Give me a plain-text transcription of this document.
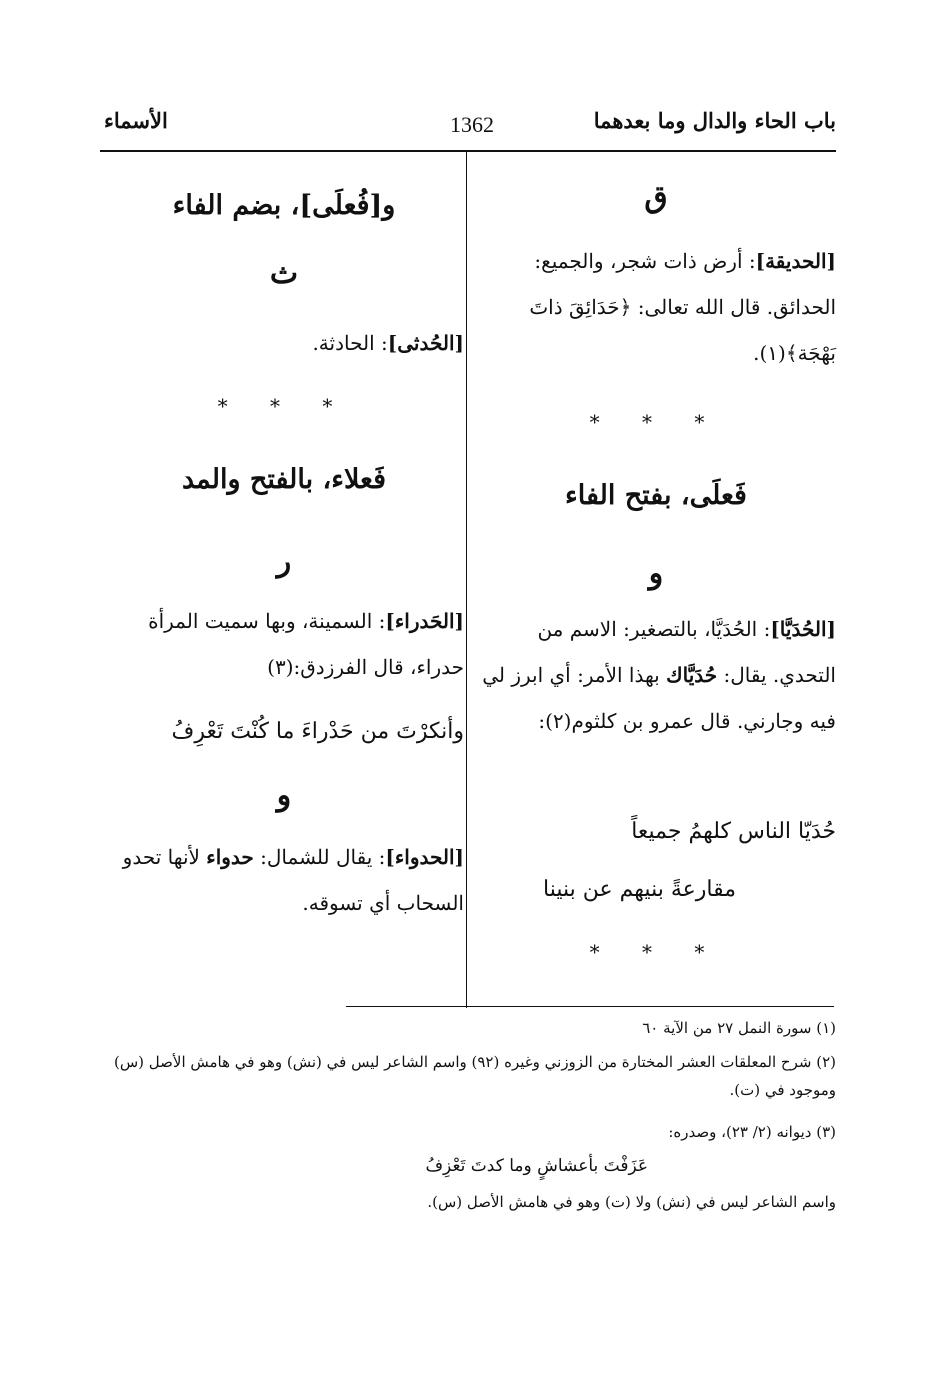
باب الحاء والدال وما بعدهما
1362
الأسماء
ق
[الحديقة]: أرض ذات شجر، والجميع: الحدائق. قال الله تعالى: ﴿حَدَائِقَ ذاتَ بَهْجَة﴾(١).
* * *
فَعلَى، بفتح الفاء
و
[الحُدَيَّا]: الحُدَيَّا، بالتصغير: الاسم من التحدي. يقال: حُدَيَّاك بهذا الأمر: أي ابرز لي فيه وجارني. قال عمرو بن كلثوم(٢):
حُدَيّا الناس كلهمُ جميعاً
مقارعةً بنيهم عن بنينا
* * *
و[فُعلَى]، بضم الفاء
ث
[الحُدثى]: الحادثة.
* * *
فَعلاء، بالفتح والمد
ر
[الحَدراء]: السمينة، وبها سميت المرأة حدراء، قال الفرزدق:(٣)
وأنكرْتَ من حَدْراءَ ما كُنْتَ تَعْرِفُ
و
[الحدواء]: يقال للشمال: حدواء لأنها تحدو السحاب أي تسوقه.
(١) سورة النمل ٢٧ من الآية ٦٠
(٢) شرح المعلقات العشر المختارة من الزوزني وغيره (٩٢) واسم الشاعر ليس في (نش) وهو في هامش الأصل (س) وموجود في (ت).
(٣) ديوانه (٢/ ٢٣)، وصدره:
عَزَفْتَ بأعشاشٍ وما كدتَ تَعْزِفُ
واسم الشاعر ليس في (نش) ولا (ت) وهو في هامش الأصل (س).
